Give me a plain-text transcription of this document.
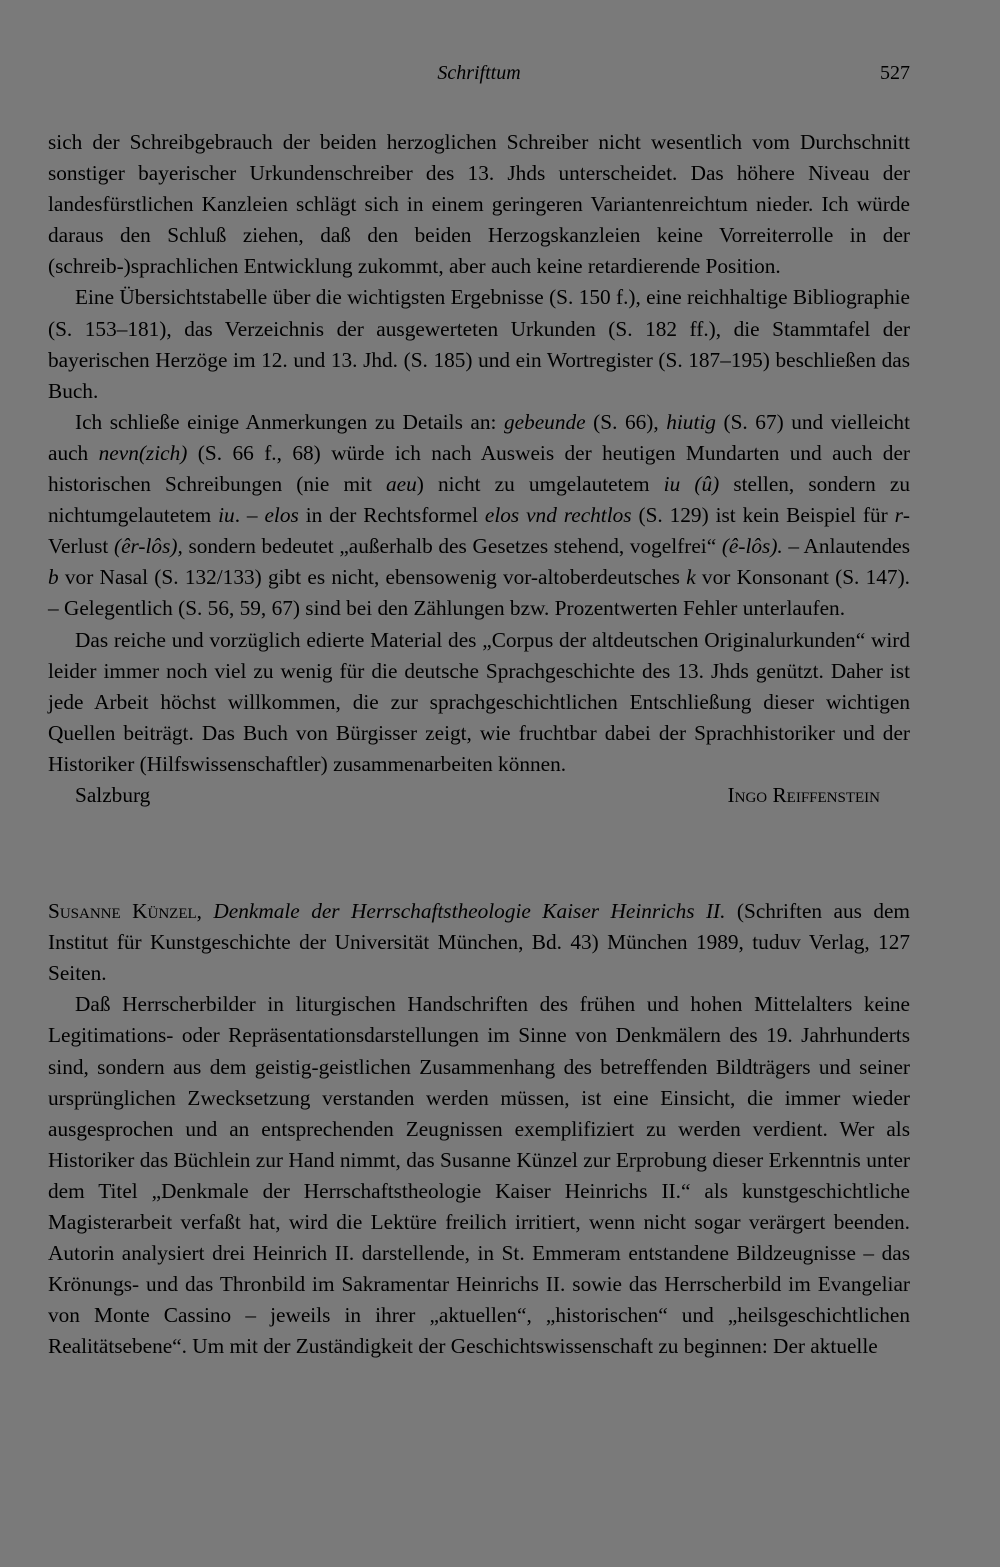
Schrifttum	527

sich der Schreibgebrauch der beiden herzoglichen Schreiber nicht wesentlich vom Durchschnitt sonstiger bayerischer Urkundenschreiber des 13. Jhds unterscheidet. Das höhere Niveau der landesfürstlichen Kanzleien schlägt sich in einem geringeren Variantenreichtum nieder. Ich würde daraus den Schluß ziehen, daß den beiden Herzogskanzleien keine Vorreiterrolle in der (schreib-)sprachlichen Entwicklung zukommt, aber auch keine retardierende Position.

Eine Übersichtstabelle über die wichtigsten Ergebnisse (S. 150 f.), eine reichhaltige Bibliographie (S. 153–181), das Verzeichnis der ausgewerteten Urkunden (S. 182 ff.), die Stammtafel der bayerischen Herzöge im 12. und 13. Jhd. (S. 185) und ein Wortregister (S. 187–195) beschließen das Buch.

Ich schließe einige Anmerkungen zu Details an: gebeunde (S. 66), hiutig (S. 67) und vielleicht auch nevn(zich) (S. 66 f., 68) würde ich nach Ausweis der heutigen Mundarten und auch der historischen Schreibungen (nie mit aeu) nicht zu umgelautetem iu (û) stellen, sondern zu nichtumgelautetem iu. – elos in der Rechtsformel elos vnd rechtlos (S. 129) ist kein Beispiel für r-Verlust (êr-lôs), sondern bedeutet „außerhalb des Gesetzes stehend, vogelfrei“ (ê-lôs). – Anlautendes b vor Nasal (S. 132/133) gibt es nicht, ebensowenig vor-altoberdeutsches k vor Konsonant (S. 147). – Gelegentlich (S. 56, 59, 67) sind bei den Zählungen bzw. Prozentwerten Fehler unterlaufen.

Das reiche und vorzüglich edierte Material des „Corpus der altdeutschen Originalurkunden“ wird leider immer noch viel zu wenig für die deutsche Sprachgeschichte des 13. Jhds genützt. Daher ist jede Arbeit höchst willkommen, die zur sprachgeschichtlichen Entschließung dieser wichtigen Quellen beiträgt. Das Buch von Bürgisser zeigt, wie fruchtbar dabei der Sprachhistoriker und der Historiker (Hilfswissenschaftler) zusammenarbeiten können.

Salzburg	Ingo Reiffenstein

Susanne Künzel, Denkmale der Herrschaftstheologie Kaiser Heinrichs II. (Schriften aus dem Institut für Kunstgeschichte der Universität München, Bd. 43) München 1989, tuduv Verlag, 127 Seiten.

Daß Herrscherbilder in liturgischen Handschriften des frühen und hohen Mittelalters keine Legitimations- oder Repräsentationsdarstellungen im Sinne von Denkmälern des 19. Jahrhunderts sind, sondern aus dem geistig-geistlichen Zusammenhang des betreffenden Bildträgers und seiner ursprünglichen Zwecksetzung verstanden werden müssen, ist eine Einsicht, die immer wieder ausgesprochen und an entsprechenden Zeugnissen exemplifiziert zu werden verdient. Wer als Historiker das Büchlein zur Hand nimmt, das Susanne Künzel zur Erprobung dieser Erkenntnis unter dem Titel „Denkmale der Herrschaftstheologie Kaiser Heinrichs II.“ als kunstgeschichtliche Magisterarbeit verfaßt hat, wird die Lektüre freilich irritiert, wenn nicht sogar verärgert beenden. Autorin analysiert drei Heinrich II. darstellende, in St. Emmeram entstandene Bildzeugnisse – das Krönungs- und das Thronbild im Sakramentar Heinrichs II. sowie das Herrscherbild im Evangeliar von Monte Cassino – jeweils in ihrer „aktuellen“, „historischen“ und „heilsgeschichtlichen Realitätsebene“. Um mit der Zuständigkeit der Geschichtswissenschaft zu beginnen: Der aktuelle
